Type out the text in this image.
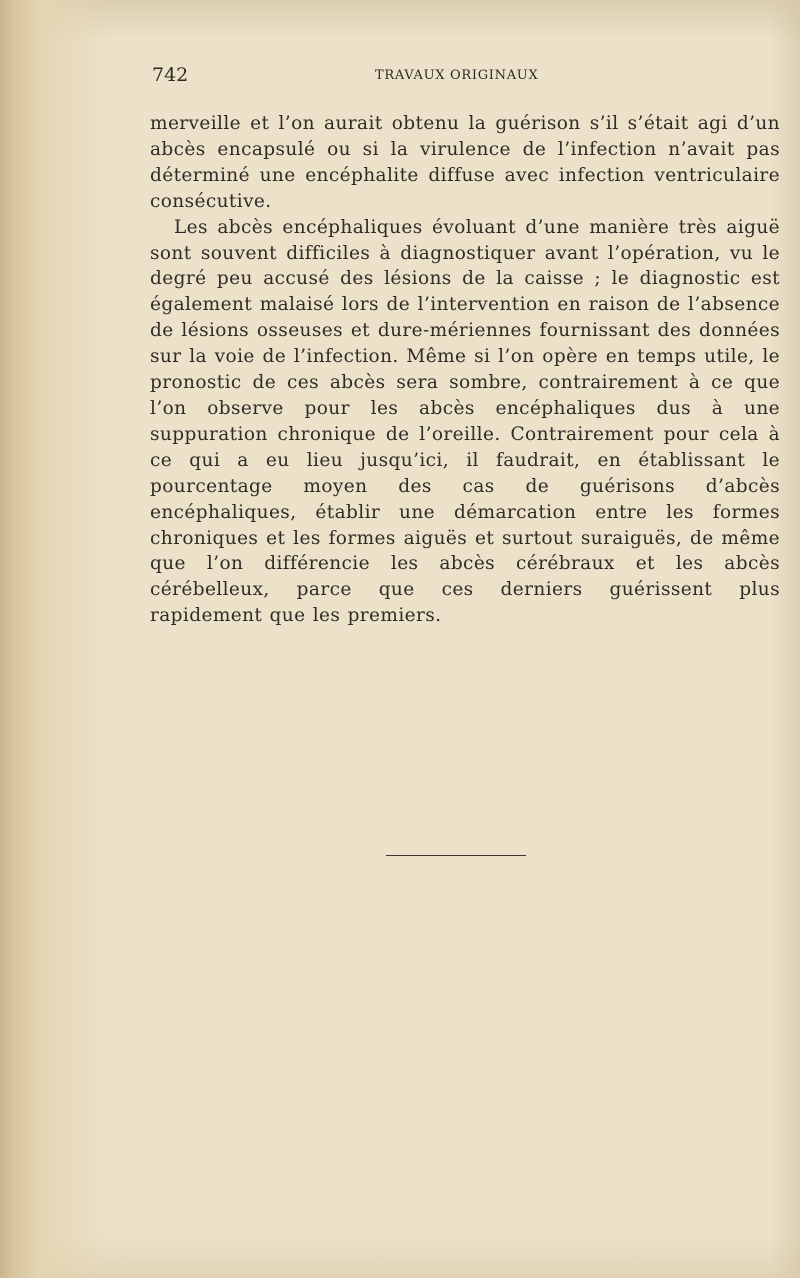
742	TRAVAUX ORIGINAUX

merveille et l’on aurait obtenu la guérison s’il s’était agi d’un abcès encapsulé ou si la virulence de l’infection n’avait pas déterminé une encéphalite diffuse avec infection ventriculaire consécutive.

Les abcès encéphaliques évoluant d’une manière très aiguë sont souvent difficiles à diagnostiquer avant l’opération, vu le degré peu accusé des lésions de la caisse ; le diagnostic est également malaisé lors de l’intervention en raison de l’absence de lésions osseuses et dure-mériennes fournissant des données sur la voie de l’infection. Même si l’on opère en temps utile, le pronostic de ces abcès sera sombre, contrairement à ce que l’on observe pour les abcès encéphaliques dus à une suppuration chronique de l’oreille. Contrairement pour cela à ce qui a eu lieu jusqu’ici, il faudrait, en établissant le pourcentage moyen des cas de guérisons d’abcès encéphaliques, établir une démarcation entre les formes chroniques et les formes aiguës et surtout suraiguës, de même que l’on différencie les abcès cérébraux et les abcès cérébelleux, parce que ces derniers guérissent plus rapidement que les premiers.
